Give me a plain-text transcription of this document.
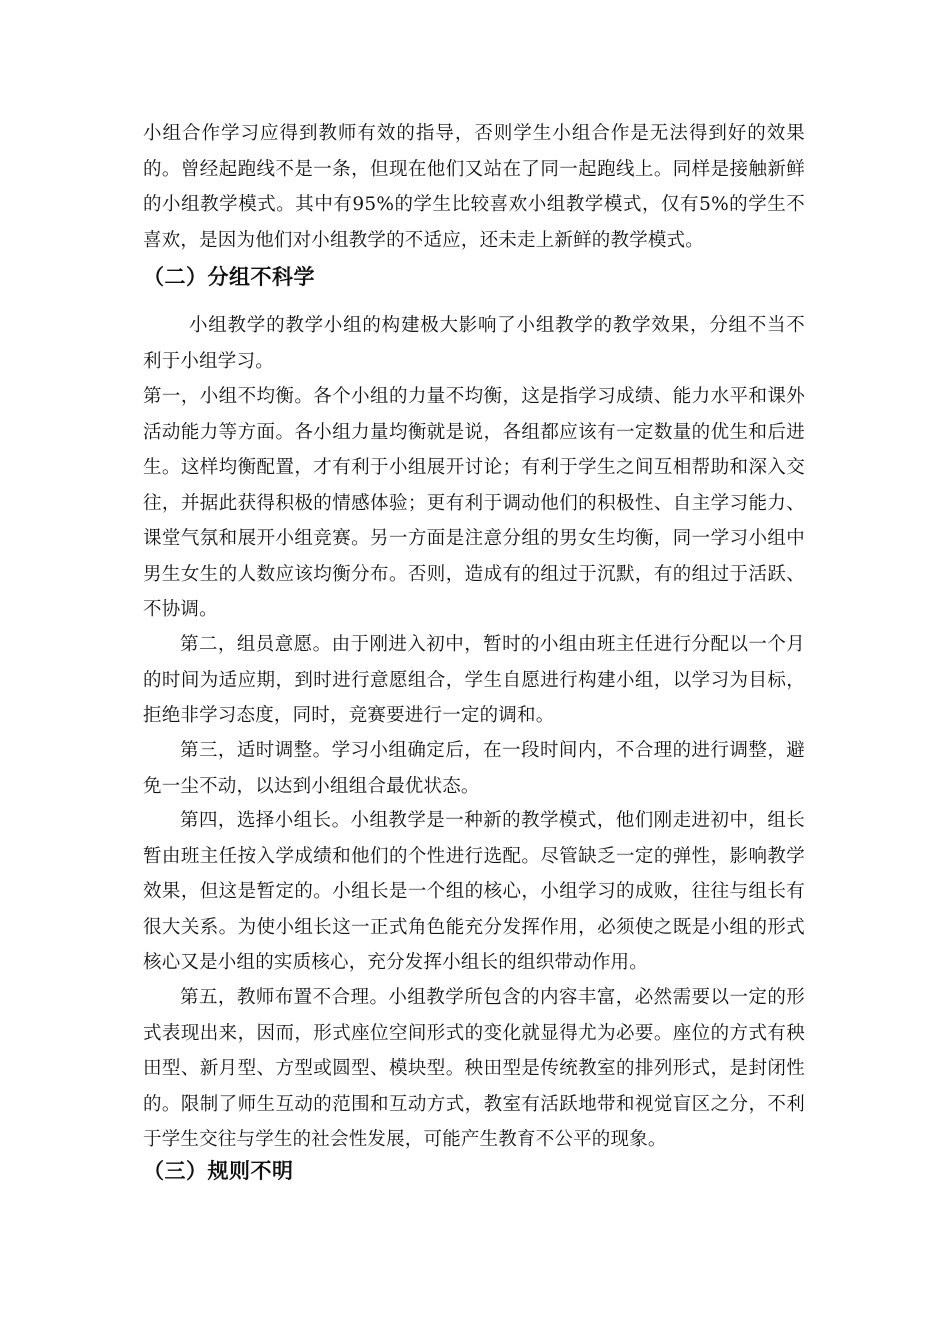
小组合作学习应得到教师有效的指导，否则学生小组合作是无法得到好的效果的。曾经起跑线不是一条，但现在他们又站在了同一起跑线上。同样是接触新鲜的小组教学模式。其中有95%的学生比较喜欢小组教学模式，仅有5%的学生不喜欢，是因为他们对小组教学的不适应，还未走上新鲜的教学模式。

（二）分组不科学

小组教学的教学小组的构建极大影响了小组教学的教学效果，分组不当不利于小组学习。

第一，小组不均衡。各个小组的力量不均衡，这是指学习成绩、能力水平和课外活动能力等方面。各小组力量均衡就是说，各组都应该有一定数量的优生和后进生。这样均衡配置，才有利于小组展开讨论；有利于学生之间互相帮助和深入交往，并据此获得积极的情感体验；更有利于调动他们的积极性、自主学习能力、课堂气氛和展开小组竞赛。另一方面是注意分组的男女生均衡，同一学习小组中男生女生的人数应该均衡分布。否则，造成有的组过于沉默，有的组过于活跃、不协调。

第二，组员意愿。由于刚进入初中，暂时的小组由班主任进行分配以一个月的时间为适应期，到时进行意愿组合，学生自愿进行构建小组，以学习为目标，拒绝非学习态度，同时，竞赛要进行一定的调和。

第三，适时调整。学习小组确定后，在一段时间内，不合理的进行调整，避免一尘不动，以达到小组组合最优状态。

第四，选择小组长。小组教学是一种新的教学模式，他们刚走进初中，组长暂由班主任按入学成绩和他们的个性进行选配。尽管缺乏一定的弹性，影响教学效果，但这是暂定的。小组长是一个组的核心，小组学习的成败，往往与组长有很大关系。为使小组长这一正式角色能充分发挥作用，必须使之既是小组的形式核心又是小组的实质核心，充分发挥小组长的组织带动作用。

第五，教师布置不合理。小组教学所包含的内容丰富，必然需要以一定的形式表现出来，因而，形式座位空间形式的变化就显得尤为必要。座位的方式有秧田型、新月型、方型或圆型、模块型。秧田型是传统教室的排列形式，是封闭性的。限制了师生互动的范围和互动方式，教室有活跃地带和视觉盲区之分，不利于学生交往与学生的社会性发展，可能产生教育不公平的现象。

（三）规则不明
